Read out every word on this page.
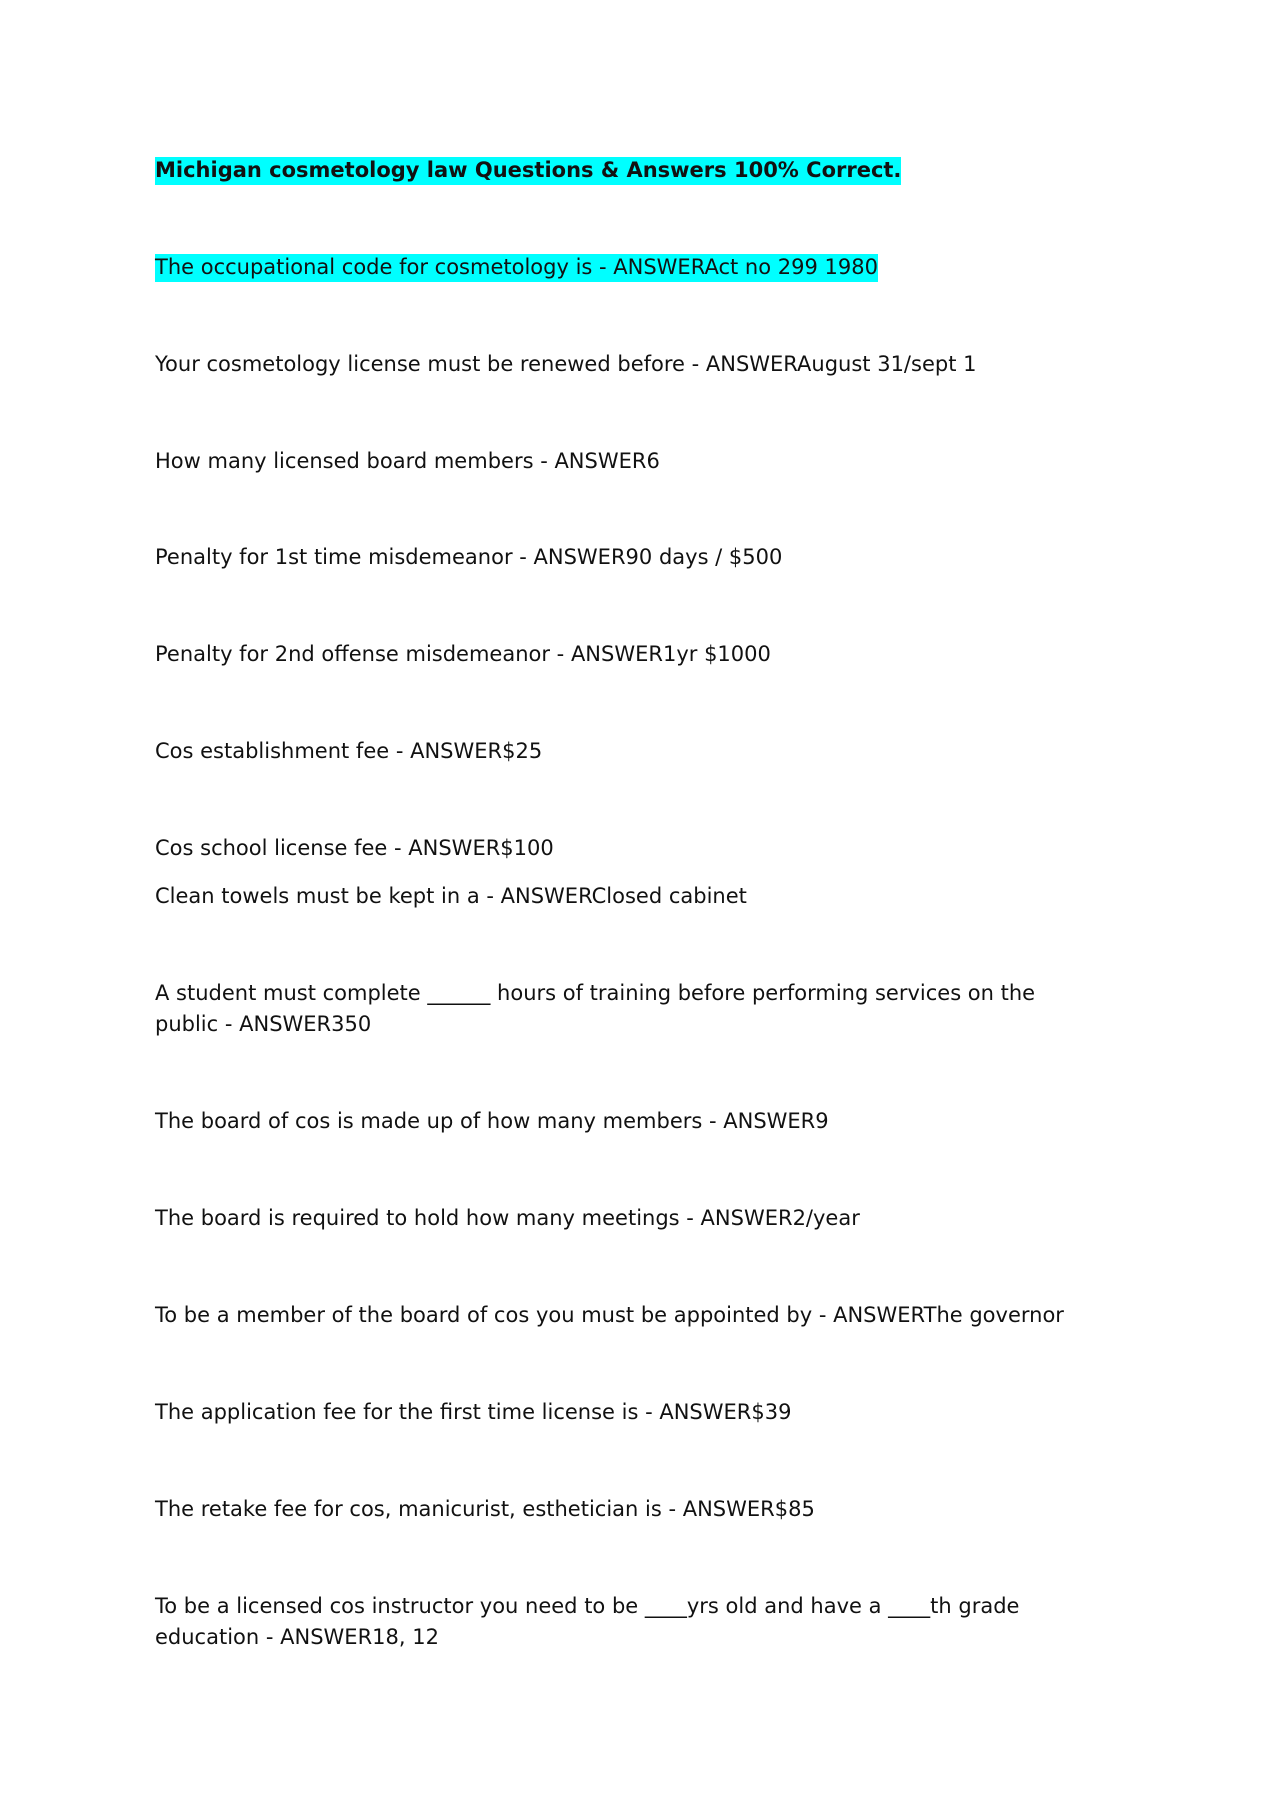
Michigan cosmetology law Questions & Answers 100% Correct.

The occupational code for cosmetology is - ANSWERAct no 299 1980

Your cosmetology license must be renewed before - ANSWERAugust 31/sept 1

How many licensed board members - ANSWER6

Penalty for 1st time misdemeanor - ANSWER90 days / $500

Penalty for 2nd offense misdemeanor - ANSWER1yr $1000

Cos establishment fee - ANSWER$25

Cos school license fee - ANSWER$100

Clean towels must be kept in a - ANSWERClosed cabinet

A student must complete ______ hours of training before performing services on the public - ANSWER350

The board of cos is made up of how many members - ANSWER9

The board is required to hold how many meetings - ANSWER2/year

To be a member of the board of cos you must be appointed by - ANSWERThe governor

The application fee for the first time license is - ANSWER$39

The retake fee for cos, manicurist, esthetician is - ANSWER$85

To be a licensed cos instructor you need to be ____yrs old and have a ____th grade education - ANSWER18, 12
